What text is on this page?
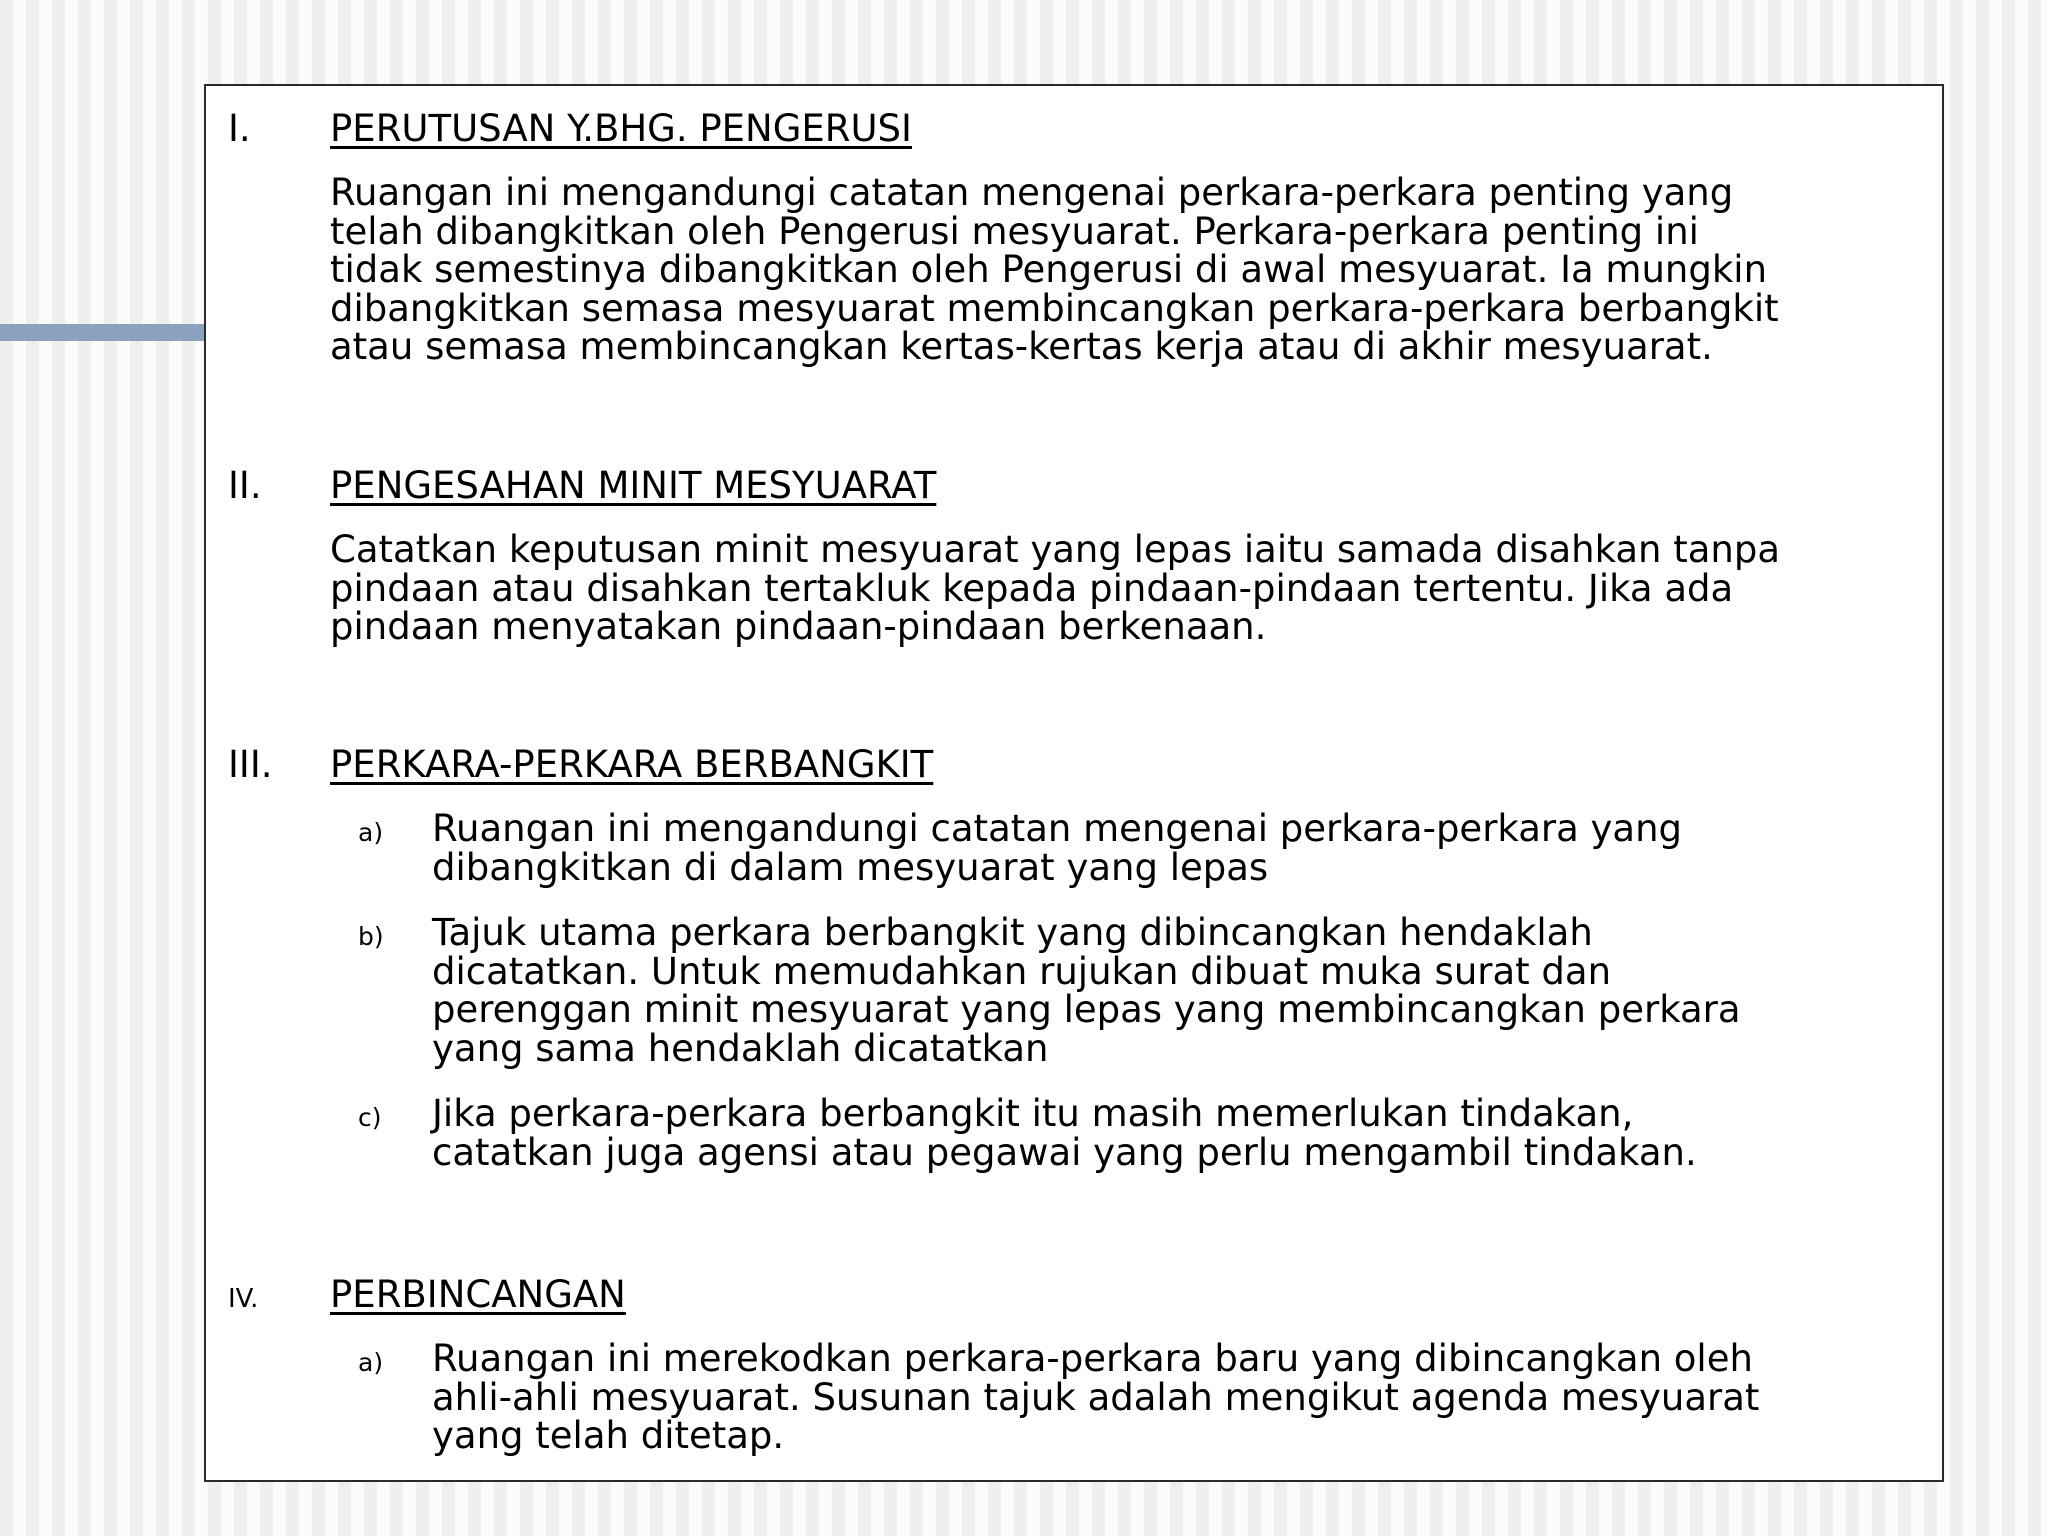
I. PERUTUSAN Y.BHG. PENGERUSI
Ruangan ini mengandungi catatan mengenai perkara-perkara penting yang
telah dibangkitkan oleh Pengerusi mesyuarat. Perkara-perkara penting ini
tidak semestinya dibangkitkan oleh Pengerusi di awal mesyuarat. Ia mungkin
dibangkitkan semasa mesyuarat membincangkan perkara-perkara berbangkit
atau semasa membincangkan kertas-kertas kerja atau di akhir mesyuarat.
II. PENGESAHAN MINIT MESYUARAT
Catatkan keputusan minit mesyuarat yang lepas iaitu samada disahkan tanpa
pindaan atau disahkan tertakluk kepada pindaan-pindaan tertentu. Jika ada
pindaan menyatakan pindaan-pindaan berkenaan.
III. PERKARA-PERKARA BERBANGKIT
a) Ruangan ini mengandungi catatan mengenai perkara-perkara yang
dibangkitkan di dalam mesyuarat yang lepas
b) Tajuk utama perkara berbangkit yang dibincangkan hendaklah
dicatatkan. Untuk memudahkan rujukan dibuat muka surat dan
perenggan minit mesyuarat yang lepas yang membincangkan perkara
yang sama hendaklah dicatatkan
c) Jika perkara-perkara berbangkit itu masih memerlukan tindakan,
catatkan juga agensi atau pegawai yang perlu mengambil tindakan.
IV. PERBINCANGAN
a) Ruangan ini merekodkan perkara-perkara baru yang dibincangkan oleh
ahli-ahli mesyuarat. Susunan tajuk adalah mengikut agenda mesyuarat
yang telah ditetap.
